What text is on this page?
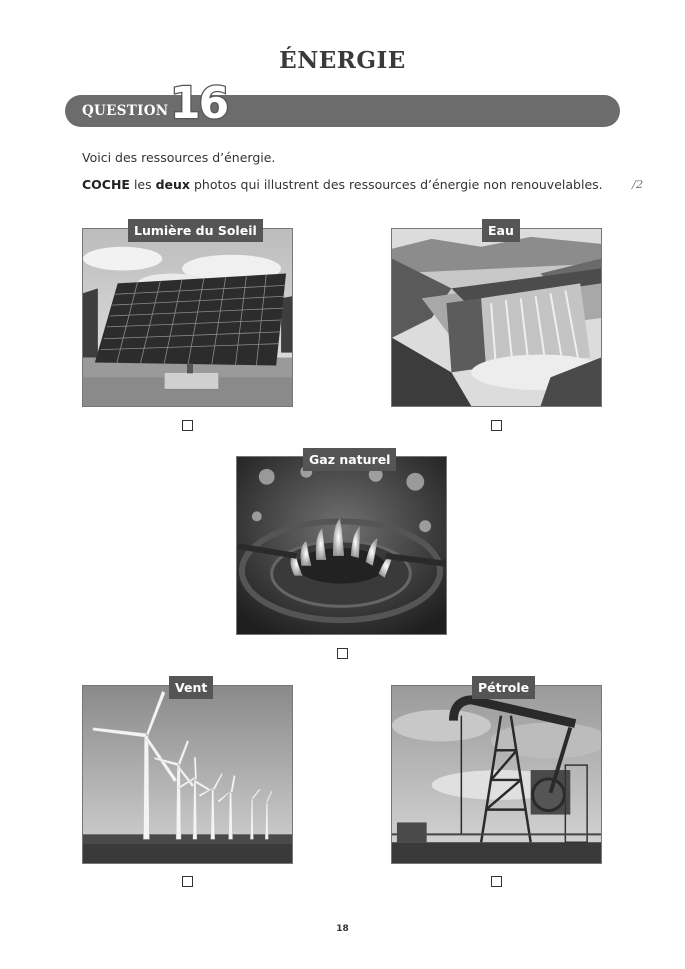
ÉNERGIE
QUESTION 16
Voici des ressources d’énergie.
COCHE les deux photos qui illustrent des ressources d’énergie non renouvelables.	/2
Lumière du Soleil	Eau
Gaz naturel
Vent	Pétrole
18
